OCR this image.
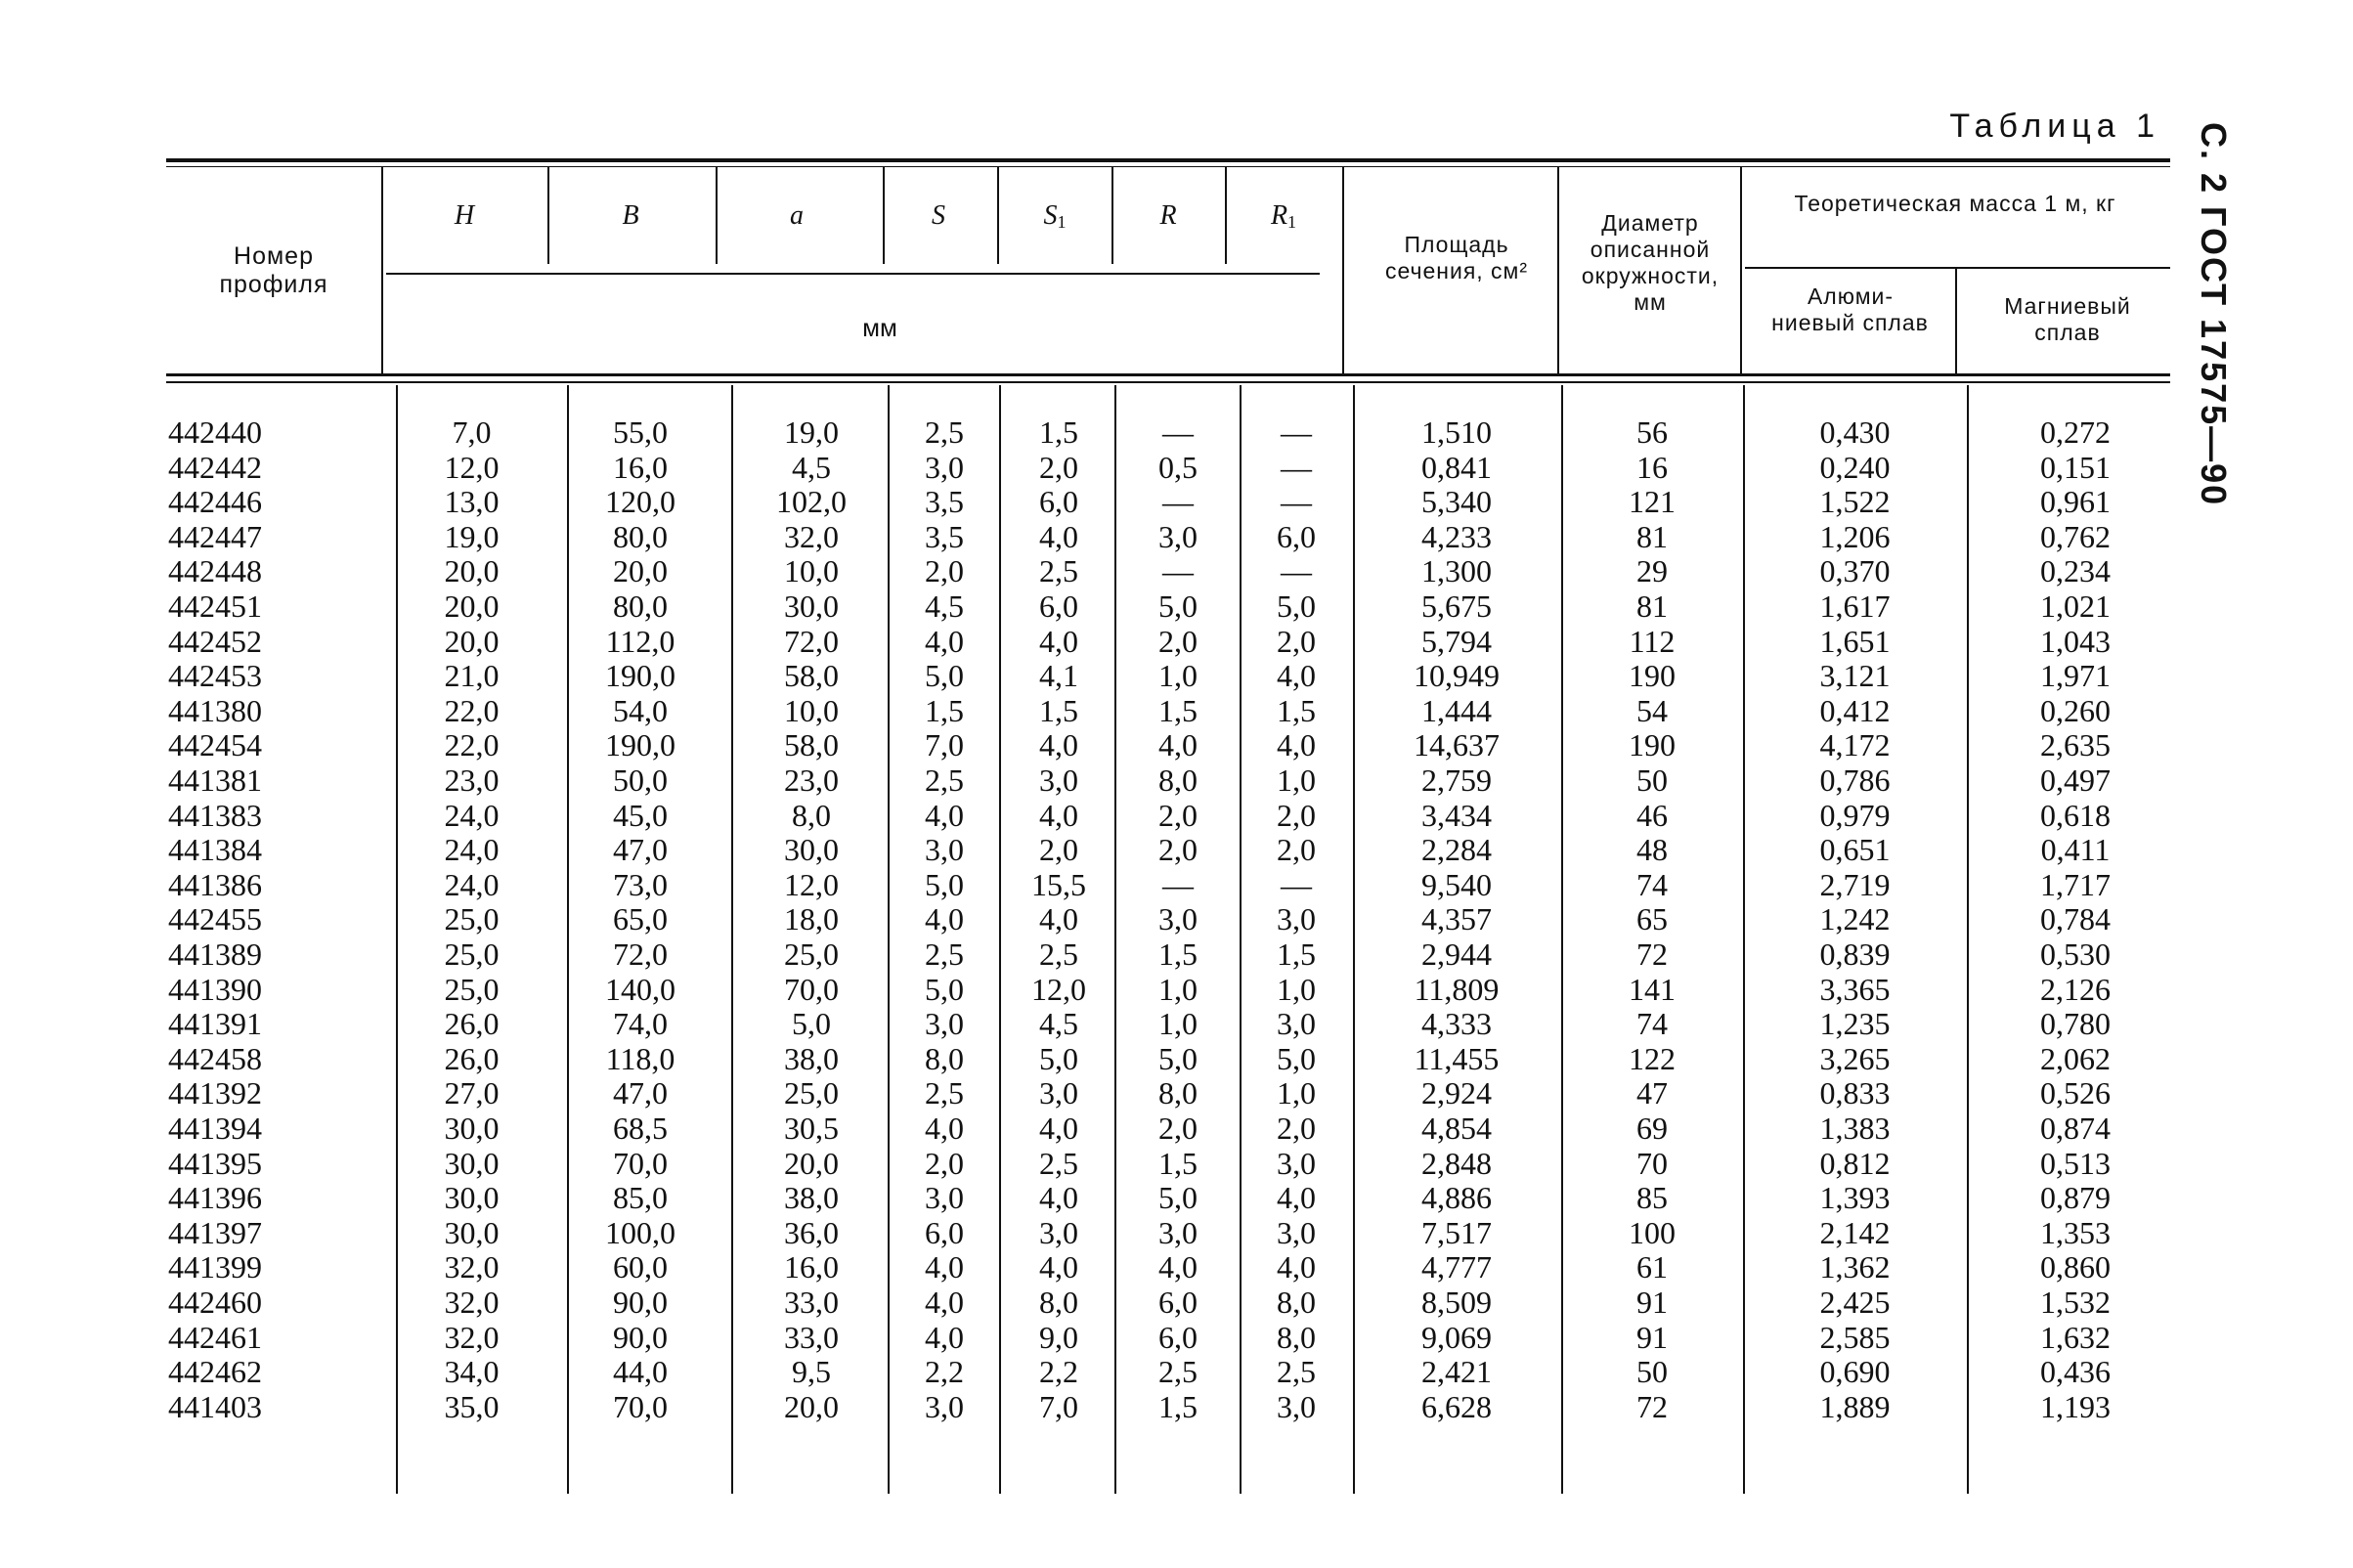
Таблица 1 С. 2 ГОСТ 17575—90
Номер профиля
H	B	a	S	$S_1$	R	$R_1$
мм
Площадь сечения, см²
Диаметр описанной окружности, мм
Теоретическая масса 1 м, кг
Алюминиевый сплав
Магниевый сплав
442440	7,0	55,0	19,0	2,5	1,5	—	—	1,510	56	0,430	0,272
442442	12,0	16,0	4,5	3,0	2,0	0,5	—	0,841	16	0,240	0,151
442446	13,0	120,0	102,0	3,5	6,0	—	—	5,340	121	1,522	0,961
442447	19,0	80,0	32,0	3,5	4,0	3,0	6,0	4,233	81	1,206	0,762
442448	20,0	20,0	10,0	2,0	2,5	—	—	1,300	29	0,370	0,234
442451	20,0	80,0	30,0	4,5	6,0	5,0	5,0	5,675	81	1,617	1,021
442452	20,0	112,0	72,0	4,0	4,0	2,0	2,0	5,794	112	1,651	1,043
442453	21,0	190,0	58,0	5,0	4,1	1,0	4,0	10,949	190	3,121	1,971
441380	22,0	54,0	10,0	1,5	1,5	1,5	1,5	1,444	54	0,412	0,260
442454	22,0	190,0	58,0	7,0	4,0	4,0	4,0	14,637	190	4,172	2,635
441381	23,0	50,0	23,0	2,5	3,0	8,0	1,0	2,759	50	0,786	0,497
441383	24,0	45,0	8,0	4,0	4,0	2,0	2,0	3,434	46	0,979	0,618
441384	24,0	47,0	30,0	3,0	2,0	2,0	2,0	2,284	48	0,651	0,411
441386	24,0	73,0	12,0	5,0	15,5	—	—	9,540	74	2,719	1,717
442455	25,0	65,0	18,0	4,0	4,0	3,0	3,0	4,357	65	1,242	0,784
441389	25,0	72,0	25,0	2,5	2,5	1,5	1,5	2,944	72	0,839	0,530
441390	25,0	140,0	70,0	5,0	12,0	1,0	1,0	11,809	141	3,365	2,126
441391	26,0	74,0	5,0	3,0	4,5	1,0	3,0	4,333	74	1,235	0,780
442458	26,0	118,0	38,0	8,0	5,0	5,0	5,0	11,455	122	3,265	2,062
441392	27,0	47,0	25,0	2,5	3,0	8,0	1,0	2,924	47	0,833	0,526
441394	30,0	68,5	30,5	4,0	4,0	2,0	2,0	4,854	69	1,383	0,874
441395	30,0	70,0	20,0	2,0	2,5	1,5	3,0	2,848	70	0,812	0,513
441396	30,0	85,0	38,0	3,0	4,0	5,0	4,0	4,886	85	1,393	0,879
441397	30,0	100,0	36,0	6,0	3,0	3,0	3,0	7,517	100	2,142	1,353
441399	32,0	60,0	16,0	4,0	4,0	4,0	4,0	4,777	61	1,362	0,860
442460	32,0	90,0	33,0	4,0	8,0	6,0	8,0	8,509	91	2,425	1,532
442461	32,0	90,0	33,0	4,0	9,0	6,0	8,0	9,069	91	2,585	1,632
442462	34,0	44,0	9,5	2,2	2,2	2,5	2,5	2,421	50	0,690	0,436
441403	35,0	70,0	20,0	3,0	7,0	1,5	3,0	6,628	72	1,889	1,193
